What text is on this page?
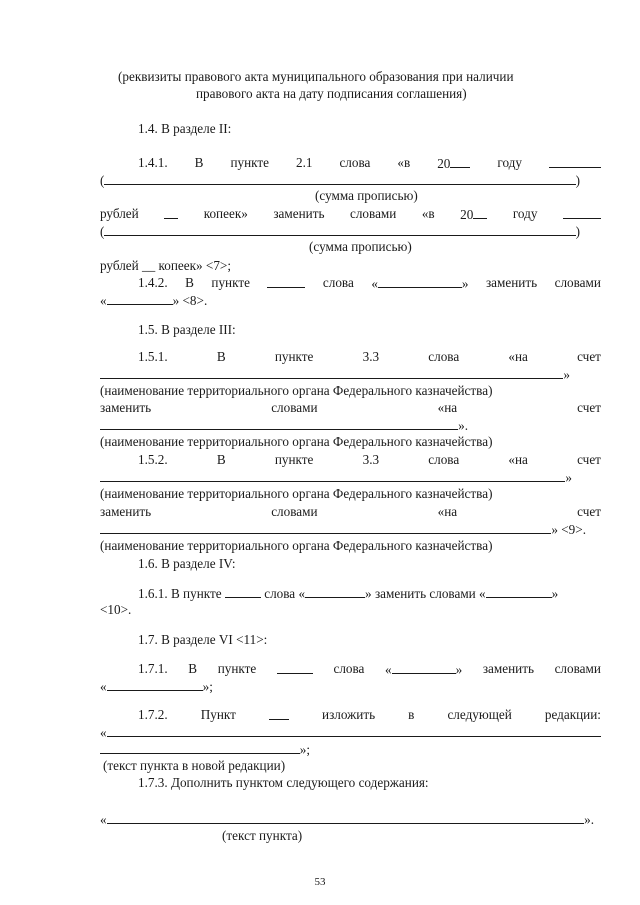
(реквизиты правового акта муниципального образования при наличии
правового акта на дату подписания соглашения)
1.4. В разделе II:
1.4.1. В пункте 2.1 слова «в 20	году
(	)
(сумма прописью)
рублей	копеек» заменить словами «в 20	году
(	)
(сумма прописью)
рублей __ копеек» <7>;
1.4.2. В пункте	слова «	» заменить словами
«	» <8>.
1.5. В разделе III:
1.5.1.	В	пункте	3.3	слова	«на	счет
»
(наименование территориального органа Федерального казначейства)
заменить	словами	«на	счет
».
(наименование территориального органа Федерального казначейства)
1.5.2.	В	пункте	3.3	слова	«на	счет
»
(наименование территориального органа Федерального казначейства)
заменить	словами	«на	счет
» <9>.
(наименование территориального органа Федерального казначейства)
1.6. В разделе IV:
1.6.1. В пункте	слова «	» заменить словами «	»
<10>.
1.7. В разделе VI <11>:
1.7.1. В пункте	слова «	» заменить словами
«	»;
1.7.2.	Пункт	изложить	в	следующей	редакции:
«
»;
(текст пункта в новой редакции)
1.7.3. Дополнить пунктом следующего содержания:
«	».
(текст пункта)
53
